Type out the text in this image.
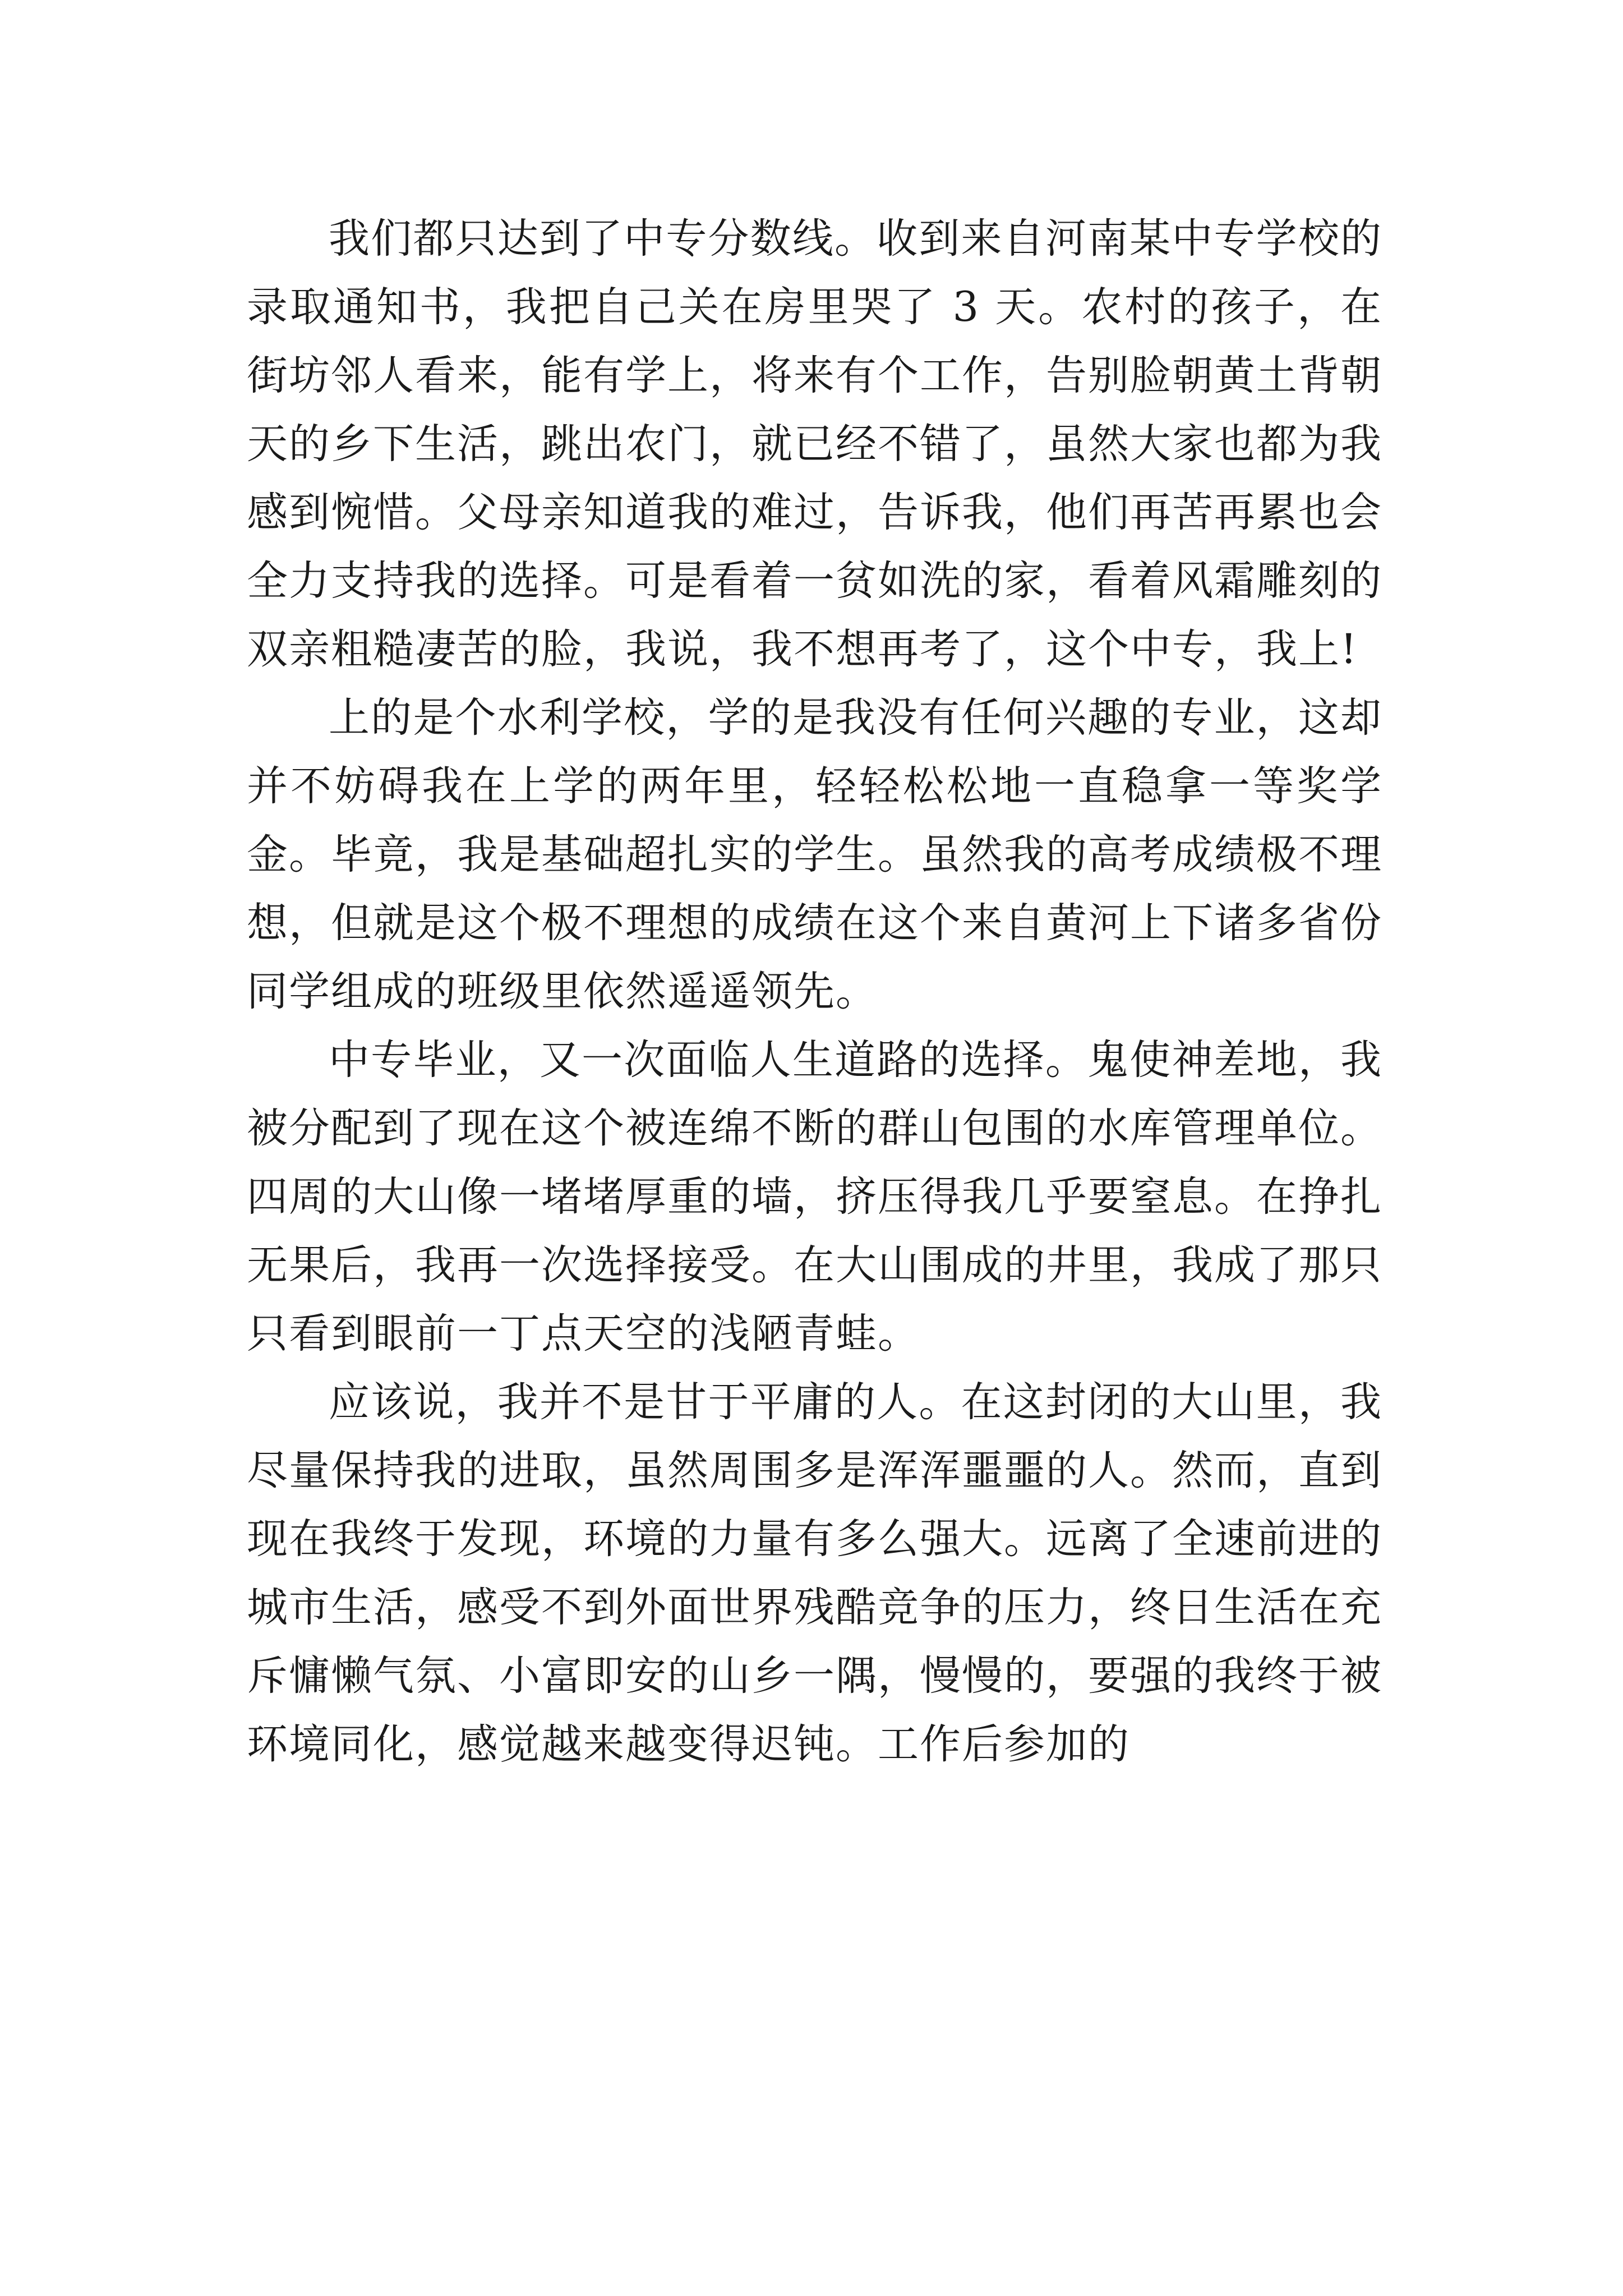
我们都只达到了中专分数线。收到来自河南某中专学校的录取通知书，我把自己关在房里哭了 3 天。农村的孩子，在街坊邻人看来，能有学上，将来有个工作，告别脸朝黄土背朝天的乡下生活，跳出农门，就已经不错了，虽然大家也都为我感到惋惜。父母亲知道我的难过，告诉我，他们再苦再累也会全力支持我的选择。可是看着一贫如洗的家，看着风霜雕刻的双亲粗糙凄苦的脸，我说，我不想再考了，这个中专，我上!

上的是个水利学校，学的是我没有任何兴趣的专业，这却并不妨碍我在上学的两年里，轻轻松松地一直稳拿一等奖学金。毕竟，我是基础超扎实的学生。虽然我的高考成绩极不理想，但就是这个极不理想的成绩在这个来自黄河上下诸多省份同学组成的班级里依然遥遥领先。

中专毕业，又一次面临人生道路的选择。鬼使神差地，我被分配到了现在这个被连绵不断的群山包围的水库管理单位。四周的大山像一堵堵厚重的墙，挤压得我几乎要窒息。在挣扎无果后，我再一次选择接受。在大山围成的井里，我成了那只只看到眼前一丁点天空的浅陋青蛙。

应该说，我并不是甘于平庸的人。在这封闭的大山里，我尽量保持我的进取，虽然周围多是浑浑噩噩的人。然而，直到现在我终于发现，环境的力量有多么强大。远离了全速前进的城市生活，感受不到外面世界残酷竞争的压力，终日生活在充斥慵懒气氛、小富即安的山乡一隅，慢慢的，要强的我终于被环境同化，感觉越来越变得迟钝。工作后参加的
